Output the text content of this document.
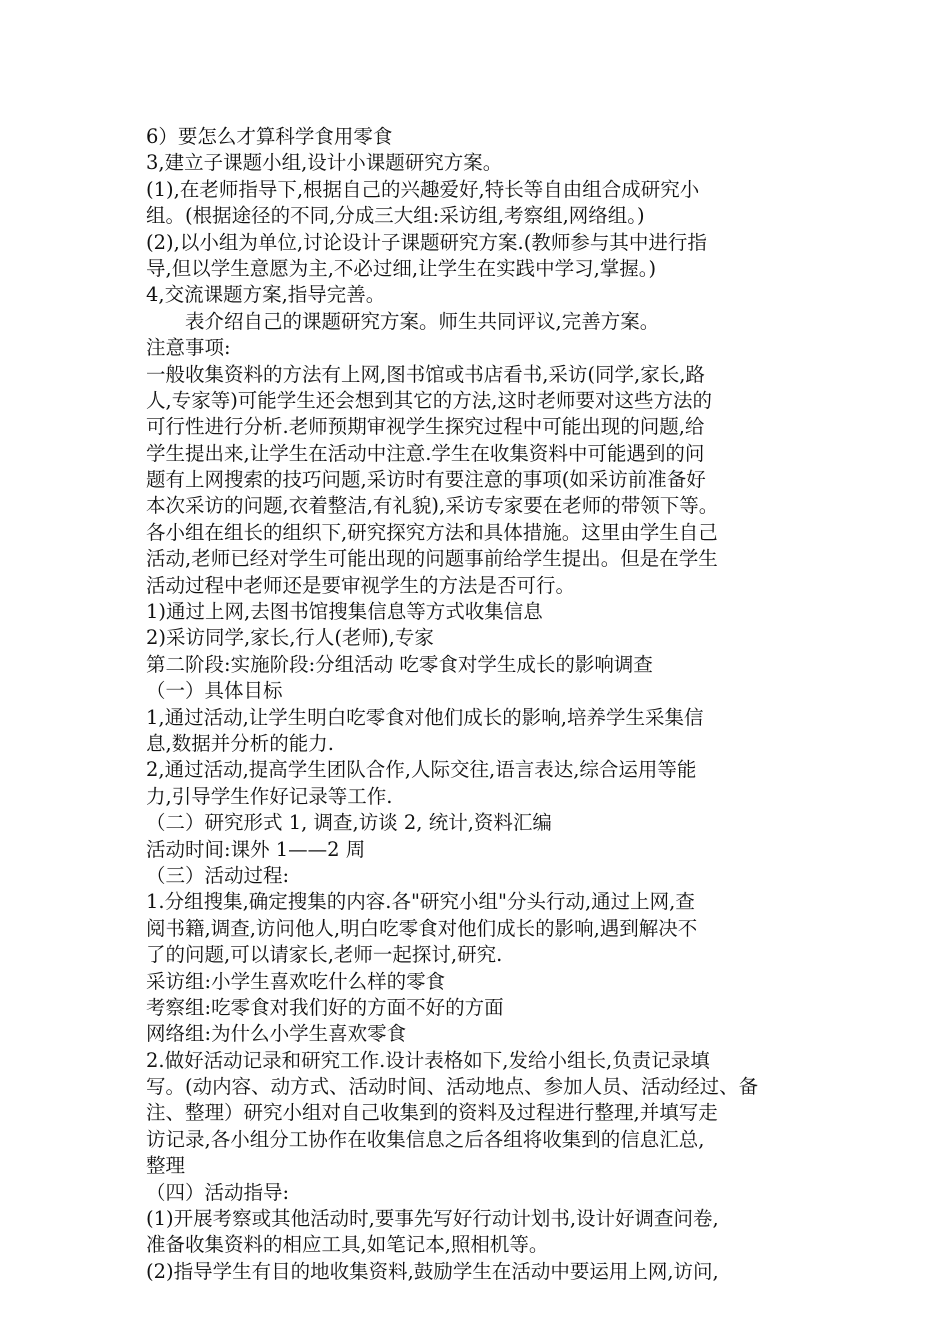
6）要怎么才算科学食用零食
3,建立子课题小组,设计小课题研究方案。
(1),在老师指导下,根据自己的兴趣爱好,特长等自由组合成研究小
组。(根据途径的不同,分成三大组:采访组,考察组,网络组。)
(2),以小组为单位,讨论设计子课题研究方案.(教师参与其中进行指
导,但以学生意愿为主,不必过细,让学生在实践中学习,掌握。)
4,交流课题方案,指导完善。
　　表介绍自己的课题研究方案。师生共同评议,完善方案。
注意事项:
一般收集资料的方法有上网,图书馆或书店看书,采访(同学,家长,路
人,专家等)可能学生还会想到其它的方法,这时老师要对这些方法的
可行性进行分析.老师预期审视学生探究过程中可能出现的问题,给
学生提出来,让学生在活动中注意.学生在收集资料中可能遇到的问
题有上网搜索的技巧问题,采访时有要注意的事项(如采访前准备好
本次采访的问题,衣着整洁,有礼貌),采访专家要在老师的带领下等。
各小组在组长的组织下,研究探究方法和具体措施。这里由学生自己
活动,老师已经对学生可能出现的问题事前给学生提出。但是在学生
活动过程中老师还是要审视学生的方法是否可行。
1)通过上网,去图书馆搜集信息等方式收集信息
2)采访同学,家长,行人(老师),专家
第二阶段:实施阶段:分组活动 吃零食对学生成长的影响调查
（一）具体目标
1,通过活动,让学生明白吃零食对他们成长的影响,培养学生采集信
息,数据并分析的能力.
2,通过活动,提高学生团队合作,人际交往,语言表达,综合运用等能
力,引导学生作好记录等工作.
（二）研究形式 1, 调查,访谈 2, 统计,资料汇编
活动时间:课外 1——2 周
（三）活动过程:
1.分组搜集,确定搜集的内容.各"研究小组"分头行动,通过上网,查
阅书籍,调查,访问他人,明白吃零食对他们成长的影响,遇到解决不
了的问题,可以请家长,老师一起探讨,研究.
采访组:小学生喜欢吃什么样的零食
考察组:吃零食对我们好的方面不好的方面
网络组:为什么小学生喜欢零食
2.做好活动记录和研究工作.设计表格如下,发给小组长,负责记录填
写。(动内容、动方式、活动时间、活动地点、参加人员、活动经过、备
注、整理）研究小组对自己收集到的资料及过程进行整理,并填写走
访记录,各小组分工协作在收集信息之后各组将收集到的信息汇总,
整理
（四）活动指导:
(1)开展考察或其他活动时,要事先写好行动计划书,设计好调查问卷,
准备收集资料的相应工具,如笔记本,照相机等。
(2)指导学生有目的地收集资料,鼓励学生在活动中要运用上网,访问,
